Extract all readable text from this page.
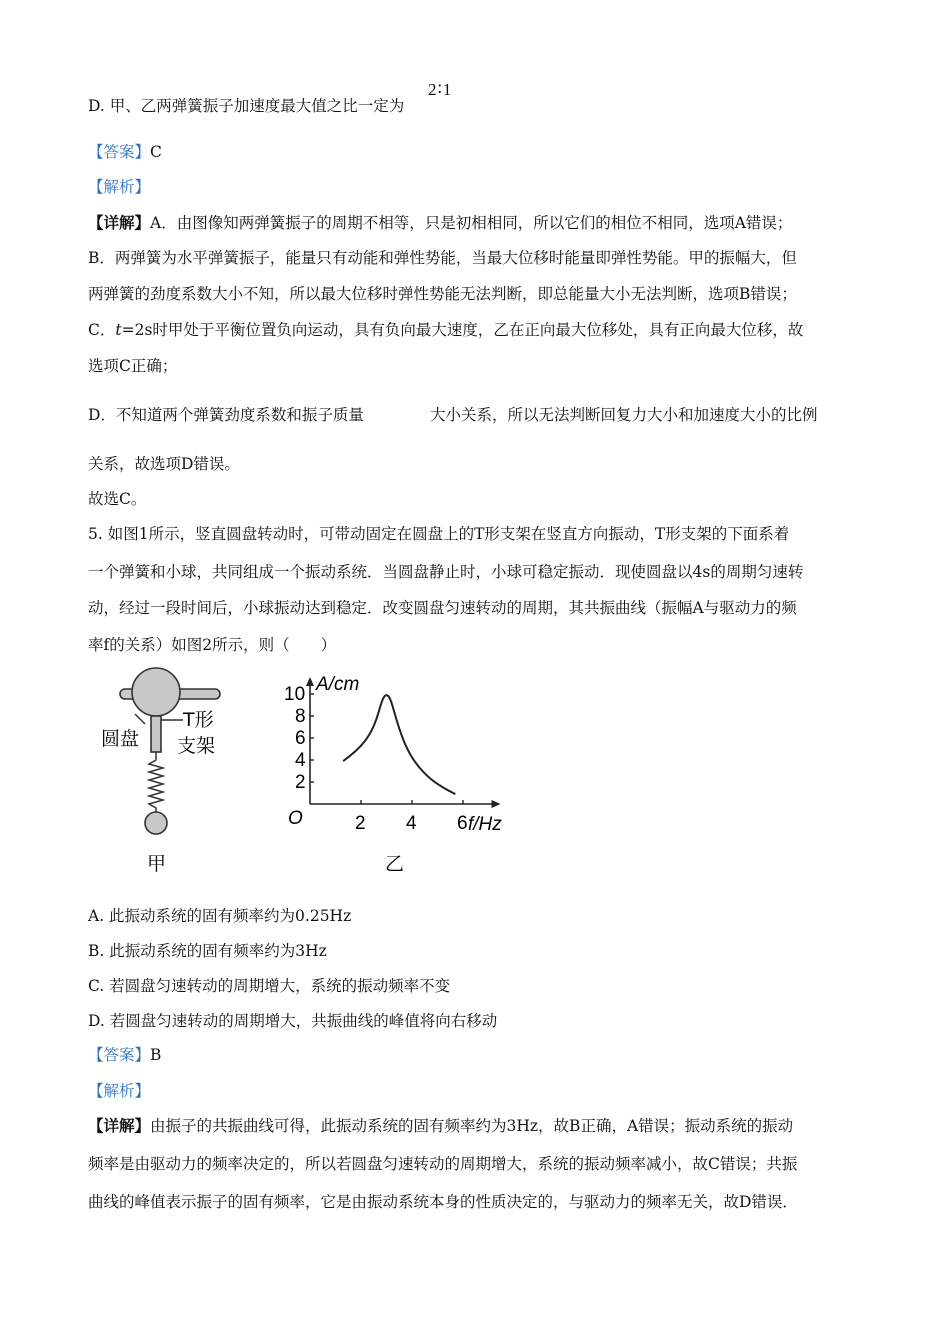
D. 甲、乙两弹簧振子加速度最大值之比一定为
2∶1
【答案】C
【解析】
【详解】A．由图像知两弹簧振子的周期不相等，只是初相相同，所以它们的相位不相同，选项A错误；
B．两弹簧为水平弹簧振子，能量只有动能和弹性势能，当最大位移时能量即弹性势能。甲的振幅大，但
两弹簧的劲度系数大小不知，所以最大位移时弹性势能无法判断，即总能量大小无法判断，选项B错误；
C．t=2s时甲处于平衡位置负向运动，具有负向最大速度，乙在正向最大位移处，具有正向最大位移，故
选项C正确；
D．不知道两个弹簧劲度系数和振子质量	大小关系，所以无法判断回复力大小和加速度大小的比例
关系，故选项D错误。
故选C。
5. 如图1所示，竖直圆盘转动时，可带动固定在圆盘上的T形支架在竖直方向振动，T形支架的下面系着
一个弹簧和小球，共同组成一个振动系统．当圆盘静止时，小球可稳定振动．现使圆盘以4s的周期匀速转
动，经过一段时间后，小球振动达到稳定．改变圆盘匀速转动的周期，其共振曲线（振幅A与驱动力的频
率f的关系）如图2所示，则（　　）
圆盘
T形
支架
甲
2 4 6
2
4
6
8
10 A/cm
f/Hz
O
乙
A. 此振动系统的固有频率约为0.25Hz
B. 此振动系统的固有频率约为3Hz
C. 若圆盘匀速转动的周期增大，系统的振动频率不变
D. 若圆盘匀速转动的周期增大，共振曲线的峰值将向右移动
【答案】B
【解析】
【详解】由振子的共振曲线可得，此振动系统的固有频率约为3Hz，故B正确，A错误；振动系统的振动
频率是由驱动力的频率决定的，所以若圆盘匀速转动的周期增大，系统的振动频率减小，故C错误；共振
曲线的峰值表示振子的固有频率，它是由振动系统本身的性质决定的，与驱动力的频率无关，故D错误．
